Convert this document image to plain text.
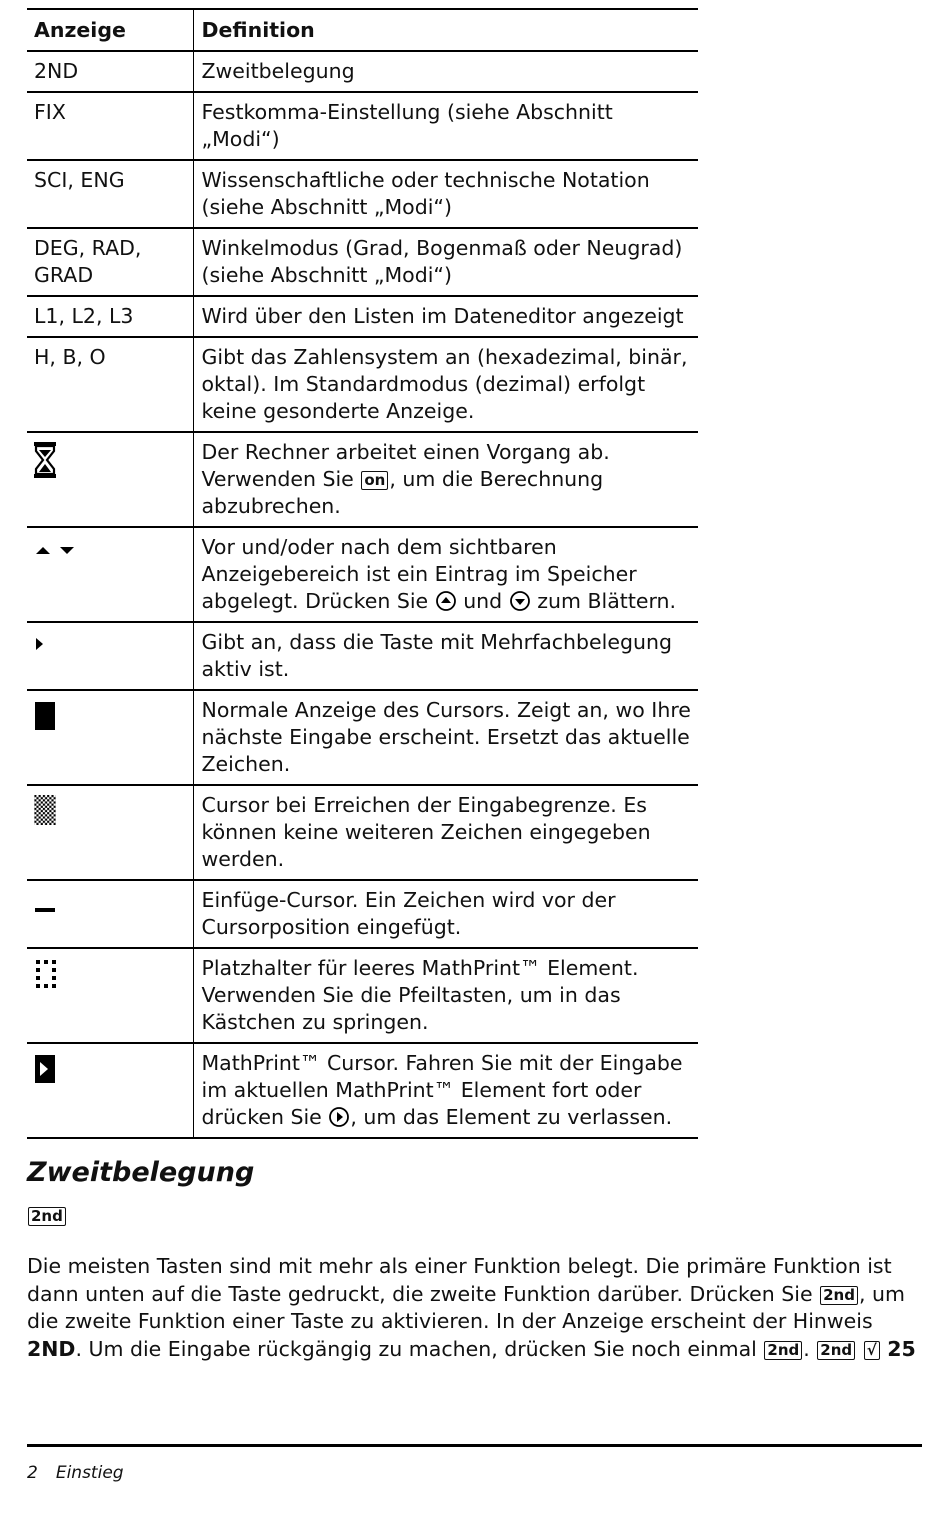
Anzeige	Definition
2ND	Zweitbelegung
FIX	Festkomma-Einstellung (siehe Abschnitt „Modi“)
SCI, ENG	Wissenschaftliche oder technische Notation (siehe Abschnitt „Modi“)
DEG, RAD, GRAD	Winkelmodus (Grad, Bogenmaß oder Neugrad) (siehe Abschnitt „Modi“)
L1, L2, L3	Wird über den Listen im Dateneditor angezeigt
H, B, O	Gibt das Zahlensystem an (hexadezimal, binär, oktal). Im Standardmodus (dezimal) erfolgt keine gesonderte Anzeige.
	Der Rechner arbeitet einen Vorgang ab. Verwenden Sie on , um die Berechnung abzubrechen.
	Vor und/oder nach dem sichtbaren Anzeigebereich ist ein Eintrag im Speicher abgelegt. Drücken Sie  und  zum Blättern.
	Gibt an, dass die Taste mit Mehrfachbelegung aktiv ist.
	Normale Anzeige des Cursors. Zeigt an, wo Ihre nächste Eingabe erscheint. Ersetzt das aktuelle Zeichen.
	Cursor bei Erreichen der Eingabegrenze. Es können keine weiteren Zeichen eingegeben werden.
	Einfüge-Cursor. Ein Zeichen wird vor der Cursorposition eingefügt.
	Platzhalter für leeres MathPrint™ Element. Verwenden Sie die Pfeiltasten, um in das Kästchen zu springen.
	MathPrint™ Cursor. Fahren Sie mit der Eingabe im aktuellen MathPrint™ Element fort oder drücken Sie , um das Element zu verlassen.
Zweitbelegung
2nd

Die meisten Tasten sind mit mehr als einer Funktion belegt. Die primäre Funktion ist dann unten auf die Taste gedruckt, die zweite Funktion darüber. Drücken Sie 2nd , um die zweite Funktion einer Taste zu aktivieren. In der Anzeige erscheint der Hinweis 2ND. Um die Eingabe rückgängig zu machen, drücken Sie noch einmal 2nd . 2nd √ 25

2 Einstieg
